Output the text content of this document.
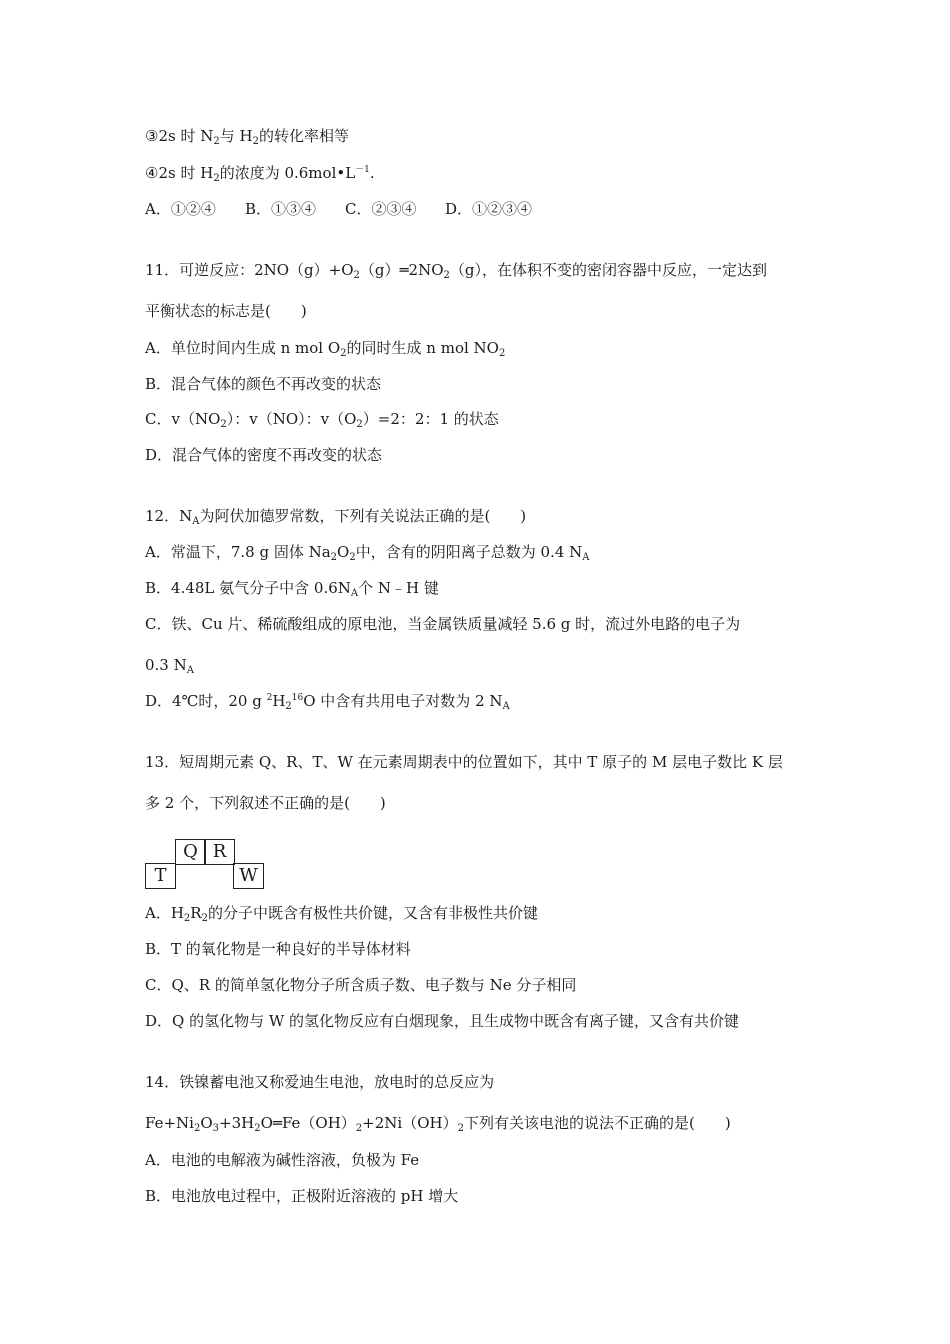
③2s 时 $N_2$与 $H_2$的转化率相等
④2s 时 $H_2$的浓度为 $0.6mol•L^{-1}$.
A．①②④ B．①③④ C．②③④ D．①②③④
11．可逆反应：$2NO(g)+O_2(g)═2NO_2(g)$，在体积不变的密闭容器中反应，一定达到
平衡状态的标志是(　　)
A．单位时间内生成 n mol $O_2$的同时生成 n mol $NO_2$
B．混合气体的颜色不再改变的状态
C．$v(NO_2)$：v（NO）：$v(O_2)=2$：2：1 的状态
D．混合气体的密度不再改变的状态
12．$N_A$为阿伏加德罗常数，下列有关说法正确的是(　　)
A．常温下，7.8 g 固体 $Na_2O_2$中，含有的阴阳离子总数为 0.4 $N_A$
B．4.48L 氨气分子中含 $0.6N_A$个 N﹣H 键
C．铁、Cu 片、稀硫酸组成的原电池，当金属铁质量减轻 5.6 g 时，流过外电路的电子为
0.3 $N_A$
D．4℃时，20 g $^2H_2^{16}O$ 中含有共用电子对数为 2 $N_A$
13．短周期元素 Q、R、T、W 在元素周期表中的位置如下，其中 T 原子的 M 层电子数比 K 层
多 2 个，下列叙述不正确的是(　　)
Q R
T	W
A．$H_2R_2$的分子中既含有极性共价键，又含有非极性共价键
B．T 的氧化物是一种良好的半导体材料
C．Q、R 的简单氢化物分子所含质子数、电子数与 Ne 分子相同
D．Q 的氢化物与 W 的氢化物反应有白烟现象，且生成物中既含有离子键，又含有共价键
14．铁镍蓄电池又称爱迪生电池，放电时的总反应为
$Fe+Ni_2O_3+3H_2O═Fe(OH)_2+2Ni(OH)_2$下列有关该电池的说法不正确的是(　　)
A．电池的电解液为碱性溶液，负极为 Fe
B．电池放电过程中，正极附近溶液的 pH 增大
